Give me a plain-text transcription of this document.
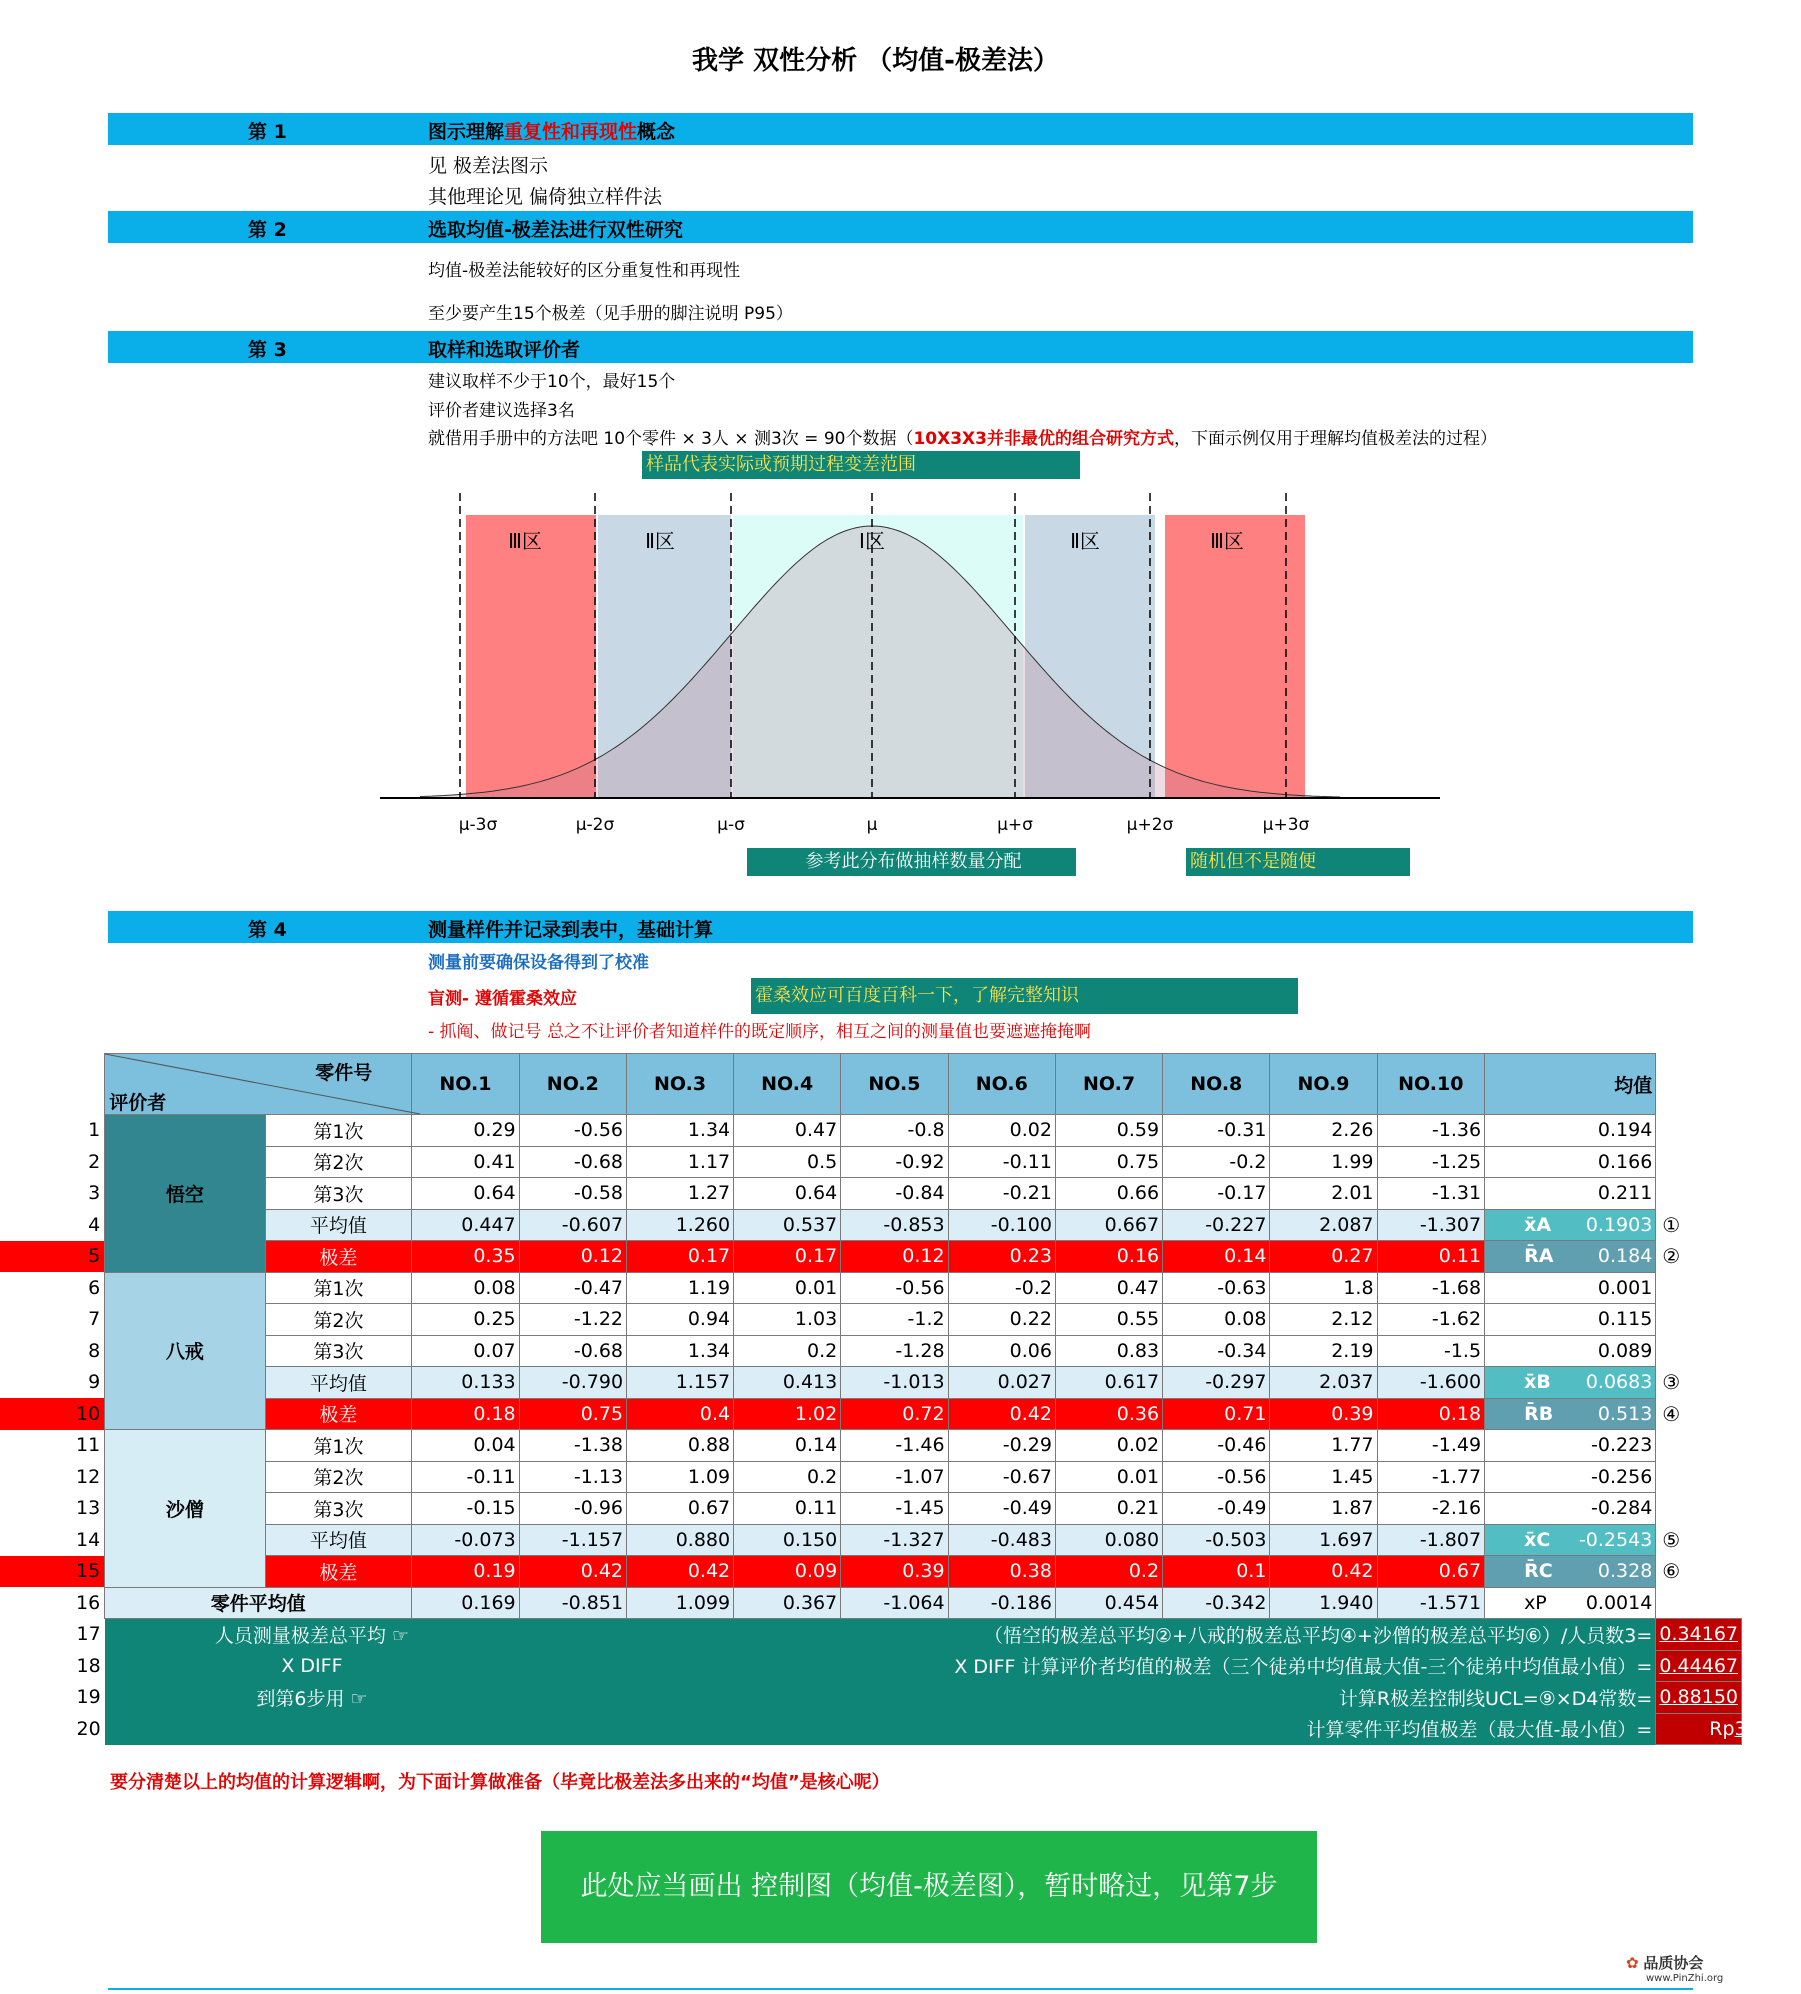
我学 双性分析 （均值-极差法）
第 1	图示理解重复性和再现性概念
见 极差法图示
其他理论见 偏倚独立样件法
第 2	选取均值-极差法进行双性研究
均值-极差法能较好的区分重复性和再现性
至少要产生15个极差（见手册的脚注说明 P95）
第 3	取样和选取评价者
建议取样不少于10个，最好15个
评价者建议选择3名
就借用手册中的方法吧 10个零件 × 3人 × 测3次 = 90个数据（10X3X3并非最优的组合研究方式，下面示例仅用于理解均值极差法的过程）
样品代表实际或预期过程变差范围
Ⅲ区	Ⅱ区	Ⅰ区	Ⅱ区	Ⅲ区
μ-3σ	μ-2σ	μ-σ	μ	μ+σ	μ+2σ	μ+3σ
参考此分布做抽样数量分配	随机但不是随便
第 4	测量样件并记录到表中，基础计算
测量前要确保设备得到了校准
盲测- 遵循霍桑效应	霍桑效应可百度百科一下，了解完整知识
- 抓阄、做记号 总之不让评价者知道样件的既定顺序，相互之间的测量值也要遮遮掩掩啊

	零件号
评价者		NO.1	NO.2	NO.3	NO.4	NO.5	NO.6	NO.7	NO.8	NO.9	NO.10	均值		
1	悟空	第1次	0.29	-0.56	1.34	0.47	-0.8	0.02	0.59	-0.31	2.26	-1.36	0.194		
2		第2次	0.41	-0.68	1.17	0.5	-0.92	-0.11	0.75	-0.2	1.99	-1.25	0.166		
3		第3次	0.64	-0.58	1.27	0.64	-0.84	-0.21	0.66	-0.17	2.01	-1.31	0.211		
4		平均值	0.447	-0.607	1.260	0.537	-0.853	-0.100	0.667	-0.227	2.087	-1.307	x̄A 0.1903	①	
5		极差	0.35	0.12	0.17	0.17	0.12	0.23	0.16	0.14	0.27	0.11	R̄A 0.184	②	
6	八戒	第1次	0.08	-0.47	1.19	0.01	-0.56	-0.2	0.47	-0.63	1.8	-1.68	0.001		
7		第2次	0.25	-1.22	0.94	1.03	-1.2	0.22	0.55	0.08	2.12	-1.62	0.115		
8		第3次	0.07	-0.68	1.34	0.2	-1.28	0.06	0.83	-0.34	2.19	-1.5	0.089		
9		平均值	0.133	-0.790	1.157	0.413	-1.013	0.027	0.617	-0.297	2.037	-1.600	x̄B 0.0683	③	
10		极差	0.18	0.75	0.4	1.02	0.72	0.42	0.36	0.71	0.39	0.18	R̄B 0.513	④	
11	沙僧	第1次	0.04	-1.38	0.88	0.14	-1.46	-0.29	0.02	-0.46	1.77	-1.49	-0.223		
12		第2次	-0.11	-1.13	1.09	0.2	-1.07	-0.67	0.01	-0.56	1.45	-1.77	-0.256		
13		第3次	-0.15	-0.96	0.67	0.11	-1.45	-0.49	0.21	-0.49	1.87	-2.16	-0.284		
14		平均值	-0.073	-1.157	0.880	0.150	-1.327	-0.483	0.080	-0.503	1.697	-1.807	x̄C -0.2543	⑤	
15		极差	0.19	0.42	0.42	0.09	0.39	0.38	0.2	0.1	0.42	0.67	R̄C 0.328	⑥	
16	零件平均值		0.169	-0.851	1.099	0.367	-1.064	-0.186	0.454	-0.342	1.940	-1.571	xP 0.0014		
17	人员测量极差总平均 ☞			（悟空的极差总平均②+八戒的极差总平均④+沙僧的极差总平均⑥）/人员数3=										0.34167	
18	X DIFF			X DIFF 计算评价者均值的极差（三个徒弟中均值最大值-三个徒弟中均值最小值）=										0.44467	
19	到第6步用 ☞			计算R极差控制线UCL=⑨×D4常数=										0.88150	
20				计算零件平均值极差（最大值-最小值）=										Rp 3.5111	
要分清楚以上的均值的计算逻辑啊，为下面计算做准备（毕竟比极差法多出来的“均值”是核心呢）
此处应当画出 控制图（均值-极差图），暂时略过，见第7步
✿ 品质协会
www.PinZhi.org
